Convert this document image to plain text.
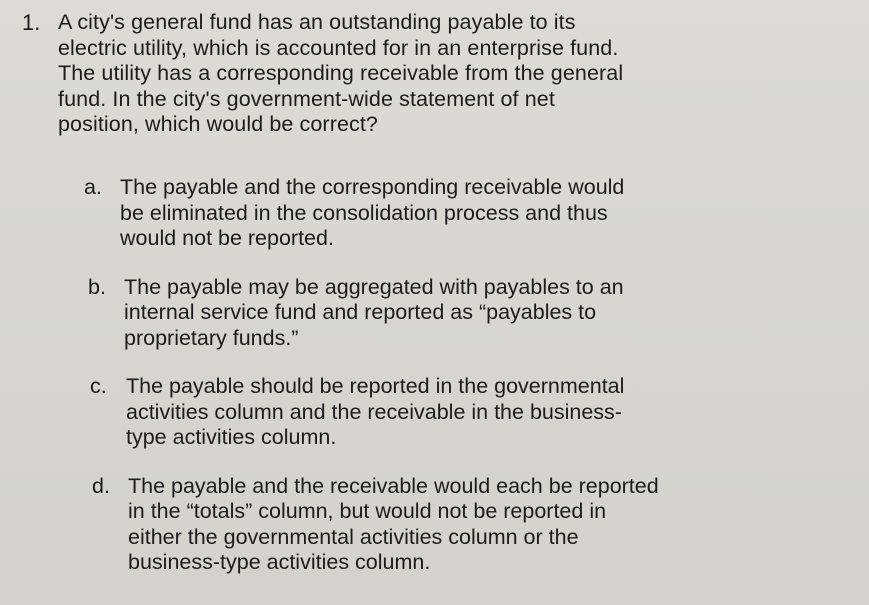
1. A city's general fund has an outstanding payable to its
electric utility, which is accounted for in an enterprise fund.
The utility has a corresponding receivable from the general
fund. In the city's government-wide statement of net
position, which would be correct?
a. The payable and the corresponding receivable would
be eliminated in the consolidation process and thus
would not be reported.
b. The payable may be aggregated with payables to an
internal service fund and reported as “payables to
proprietary funds.”
c. The payable should be reported in the governmental
activities column and the receivable in the business-
type activities column.
d. The payable and the receivable would each be reported
in the “totals” column, but would not be reported in
either the governmental activities column or the
business-type activities column.
